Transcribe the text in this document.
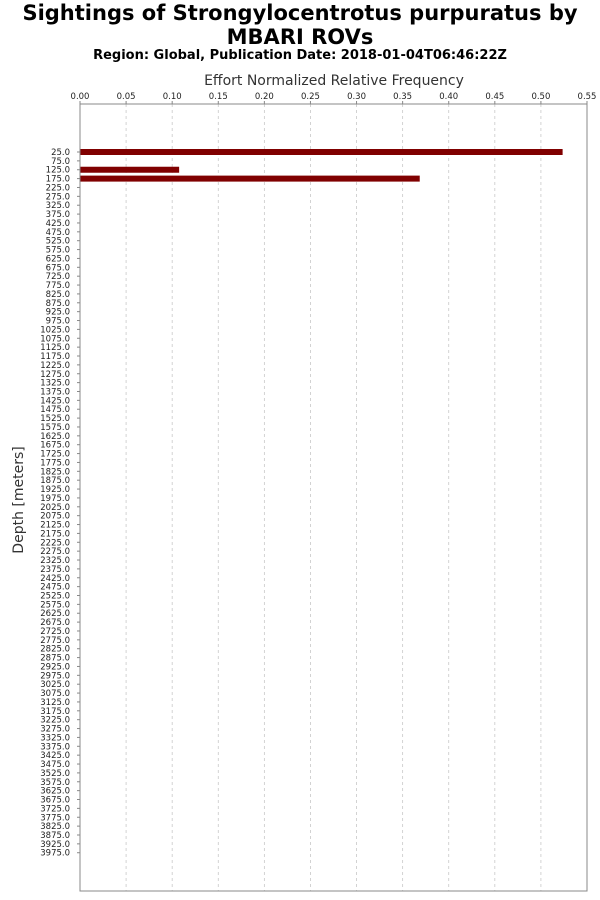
Sightings of Strongylocentrotus purpuratus by MBARI ROVs
Region: Global, Publication Date: 2018-01-04T06:46:22Z
Effort Normalized Relative Frequency
Depth [meters]
0.00	0.05	0.10	0.15	0.20	0.25	0.30	0.35	0.40	0.45	0.50	0.55
25.0
75.0
125.0
175.0
225.0
275.0
325.0
375.0
425.0
475.0
525.0
575.0
625.0
675.0
725.0
775.0
825.0
875.0
925.0
975.0
1025.0
1075.0
1125.0
1175.0
1225.0
1275.0
1325.0
1375.0
1425.0
1475.0
1525.0
1575.0
1625.0
1675.0
1725.0
1775.0
1825.0
1875.0
1925.0
1975.0
2025.0
2075.0
2125.0
2175.0
2225.0
2275.0
2325.0
2375.0
2425.0
2475.0
2525.0
2575.0
2625.0
2675.0
2725.0
2775.0
2825.0
2875.0
2925.0
2975.0
3025.0
3075.0
3125.0
3175.0
3225.0
3275.0
3325.0
3375.0
3425.0
3475.0
3525.0
3575.0
3625.0
3675.0
3725.0
3775.0
3825.0
3875.0
3925.0
3975.0
